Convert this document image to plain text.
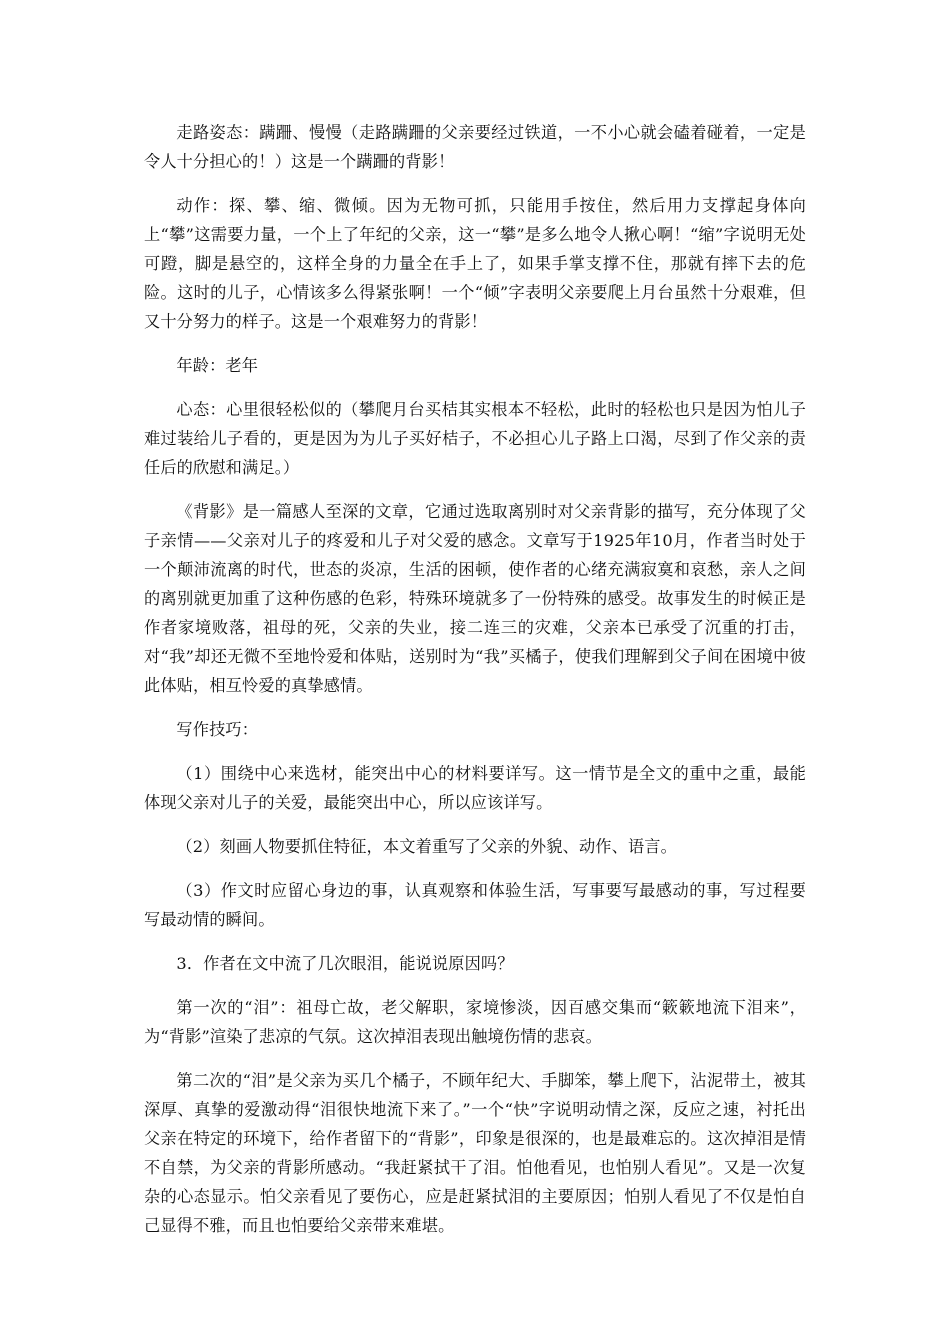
走路姿态：蹒跚、慢慢（走路蹒跚的父亲要经过铁道，一不小心就会磕着碰着，一定是令人十分担心的！）这是一个蹒跚的背影！

动作：探、攀、缩、微倾。因为无物可抓，只能用手按住，然后用力支撑起身体向上“攀”这需要力量，一个上了年纪的父亲，这一“攀”是多么地令人揪心啊！“缩”字说明无处可蹬，脚是悬空的，这样全身的力量全在手上了，如果手掌支撑不住，那就有摔下去的危险。这时的儿子，心情该多么得紧张啊！一个“倾”字表明父亲要爬上月台虽然十分艰难，但又十分努力的样子。这是一个艰难努力的背影！

年龄：老年

心态：心里很轻松似的（攀爬月台买桔其实根本不轻松，此时的轻松也只是因为怕儿子难过装给儿子看的，更是因为为儿子买好桔子，不必担心儿子路上口渴，尽到了作父亲的责任后的欣慰和满足。）

《背影》是一篇感人至深的文章，它通过选取离别时对父亲背影的描写，充分体现了父子亲情——父亲对儿子的疼爱和儿子对父爱的感念。文章写于1925年10月，作者当时处于一个颠沛流离的时代，世态的炎凉，生活的困顿，使作者的心绪充满寂寞和哀愁，亲人之间的离别就更加重了这种伤感的色彩，特殊环境就多了一份特殊的感受。故事发生的时候正是作者家境败落，祖母的死，父亲的失业，接二连三的灾难，父亲本已承受了沉重的打击，对“我”却还无微不至地怜爱和体贴，送别时为“我”买橘子，使我们理解到父子间在困境中彼此体贴，相互怜爱的真挚感情。

写作技巧：

（1）围绕中心来选材，能突出中心的材料要详写。这一情节是全文的重中之重，最能体现父亲对儿子的关爱，最能突出中心，所以应该详写。

（2）刻画人物要抓住特征，本文着重写了父亲的外貌、动作、语言。

（3）作文时应留心身边的事，认真观察和体验生活，写事要写最感动的事，写过程要写最动情的瞬间。

3．作者在文中流了几次眼泪，能说说原因吗？

第一次的“泪”：祖母亡故，老父解职，家境惨淡，因百感交集而“簌簌地流下泪来”，为“背影”渲染了悲凉的气氛。这次掉泪表现出触境伤情的悲哀。

第二次的“泪”是父亲为买几个橘子，不顾年纪大、手脚笨，攀上爬下，沾泥带土，被其深厚、真挚的爱激动得“泪很快地流下来了。”一个“快”字说明动情之深，反应之速，衬托出父亲在特定的环境下，给作者留下的“背影”，印象是很深的，也是最难忘的。这次掉泪是情不自禁，为父亲的背影所感动。“我赶紧拭干了泪。怕他看见，也怕别人看见”。又是一次复杂的心态显示。怕父亲看见了要伤心，应是赶紧拭泪的主要原因；怕别人看见了不仅是怕自己显得不雅，而且也怕要给父亲带来难堪。
